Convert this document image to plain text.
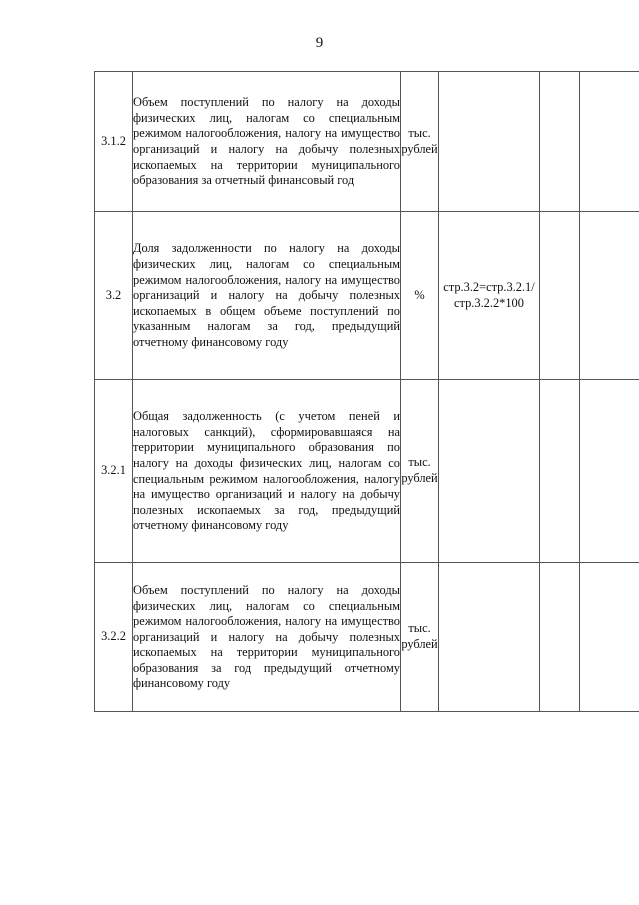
9
3.1.2	Объем поступлений по налогу на доходы физических лиц, налогам со специальным режимом налогообложения, налогу на имущество организаций и налогу на добычу полезных ископаемых на территории муниципального образования за отчетный финансовый год	тыс. рублей			
3.2	Доля задолженности по налогу на доходы физических лиц, налогам со специальным режимом налогообложения, налогу на имущество организаций и налогу на добычу полезных ископаемых в общем объеме поступлений по указанным налогам за год, предыдущий отчетному финансовому году	%	стр.3.2=стр.3.2.1/стр.3.2.2*100		
3.2.1	Общая задолженность (с учетом пеней и налоговых санкций), сформировавшаяся на территории муниципального образования по налогу на доходы физических лиц, налогам со специальным режимом налогообложения, налогу на имущество организаций и налогу на добычу полезных ископаемых за год, предыдущий отчетному финансовому году	тыс. рублей			
3.2.2	Объем поступлений по налогу на доходы физических лиц, налогам со специальным режимом налогообложения, налогу на имущество организаций и налогу на добычу полезных ископаемых на территории муниципального образования за год предыдущий отчетному финансовому году	тыс. рублей			
